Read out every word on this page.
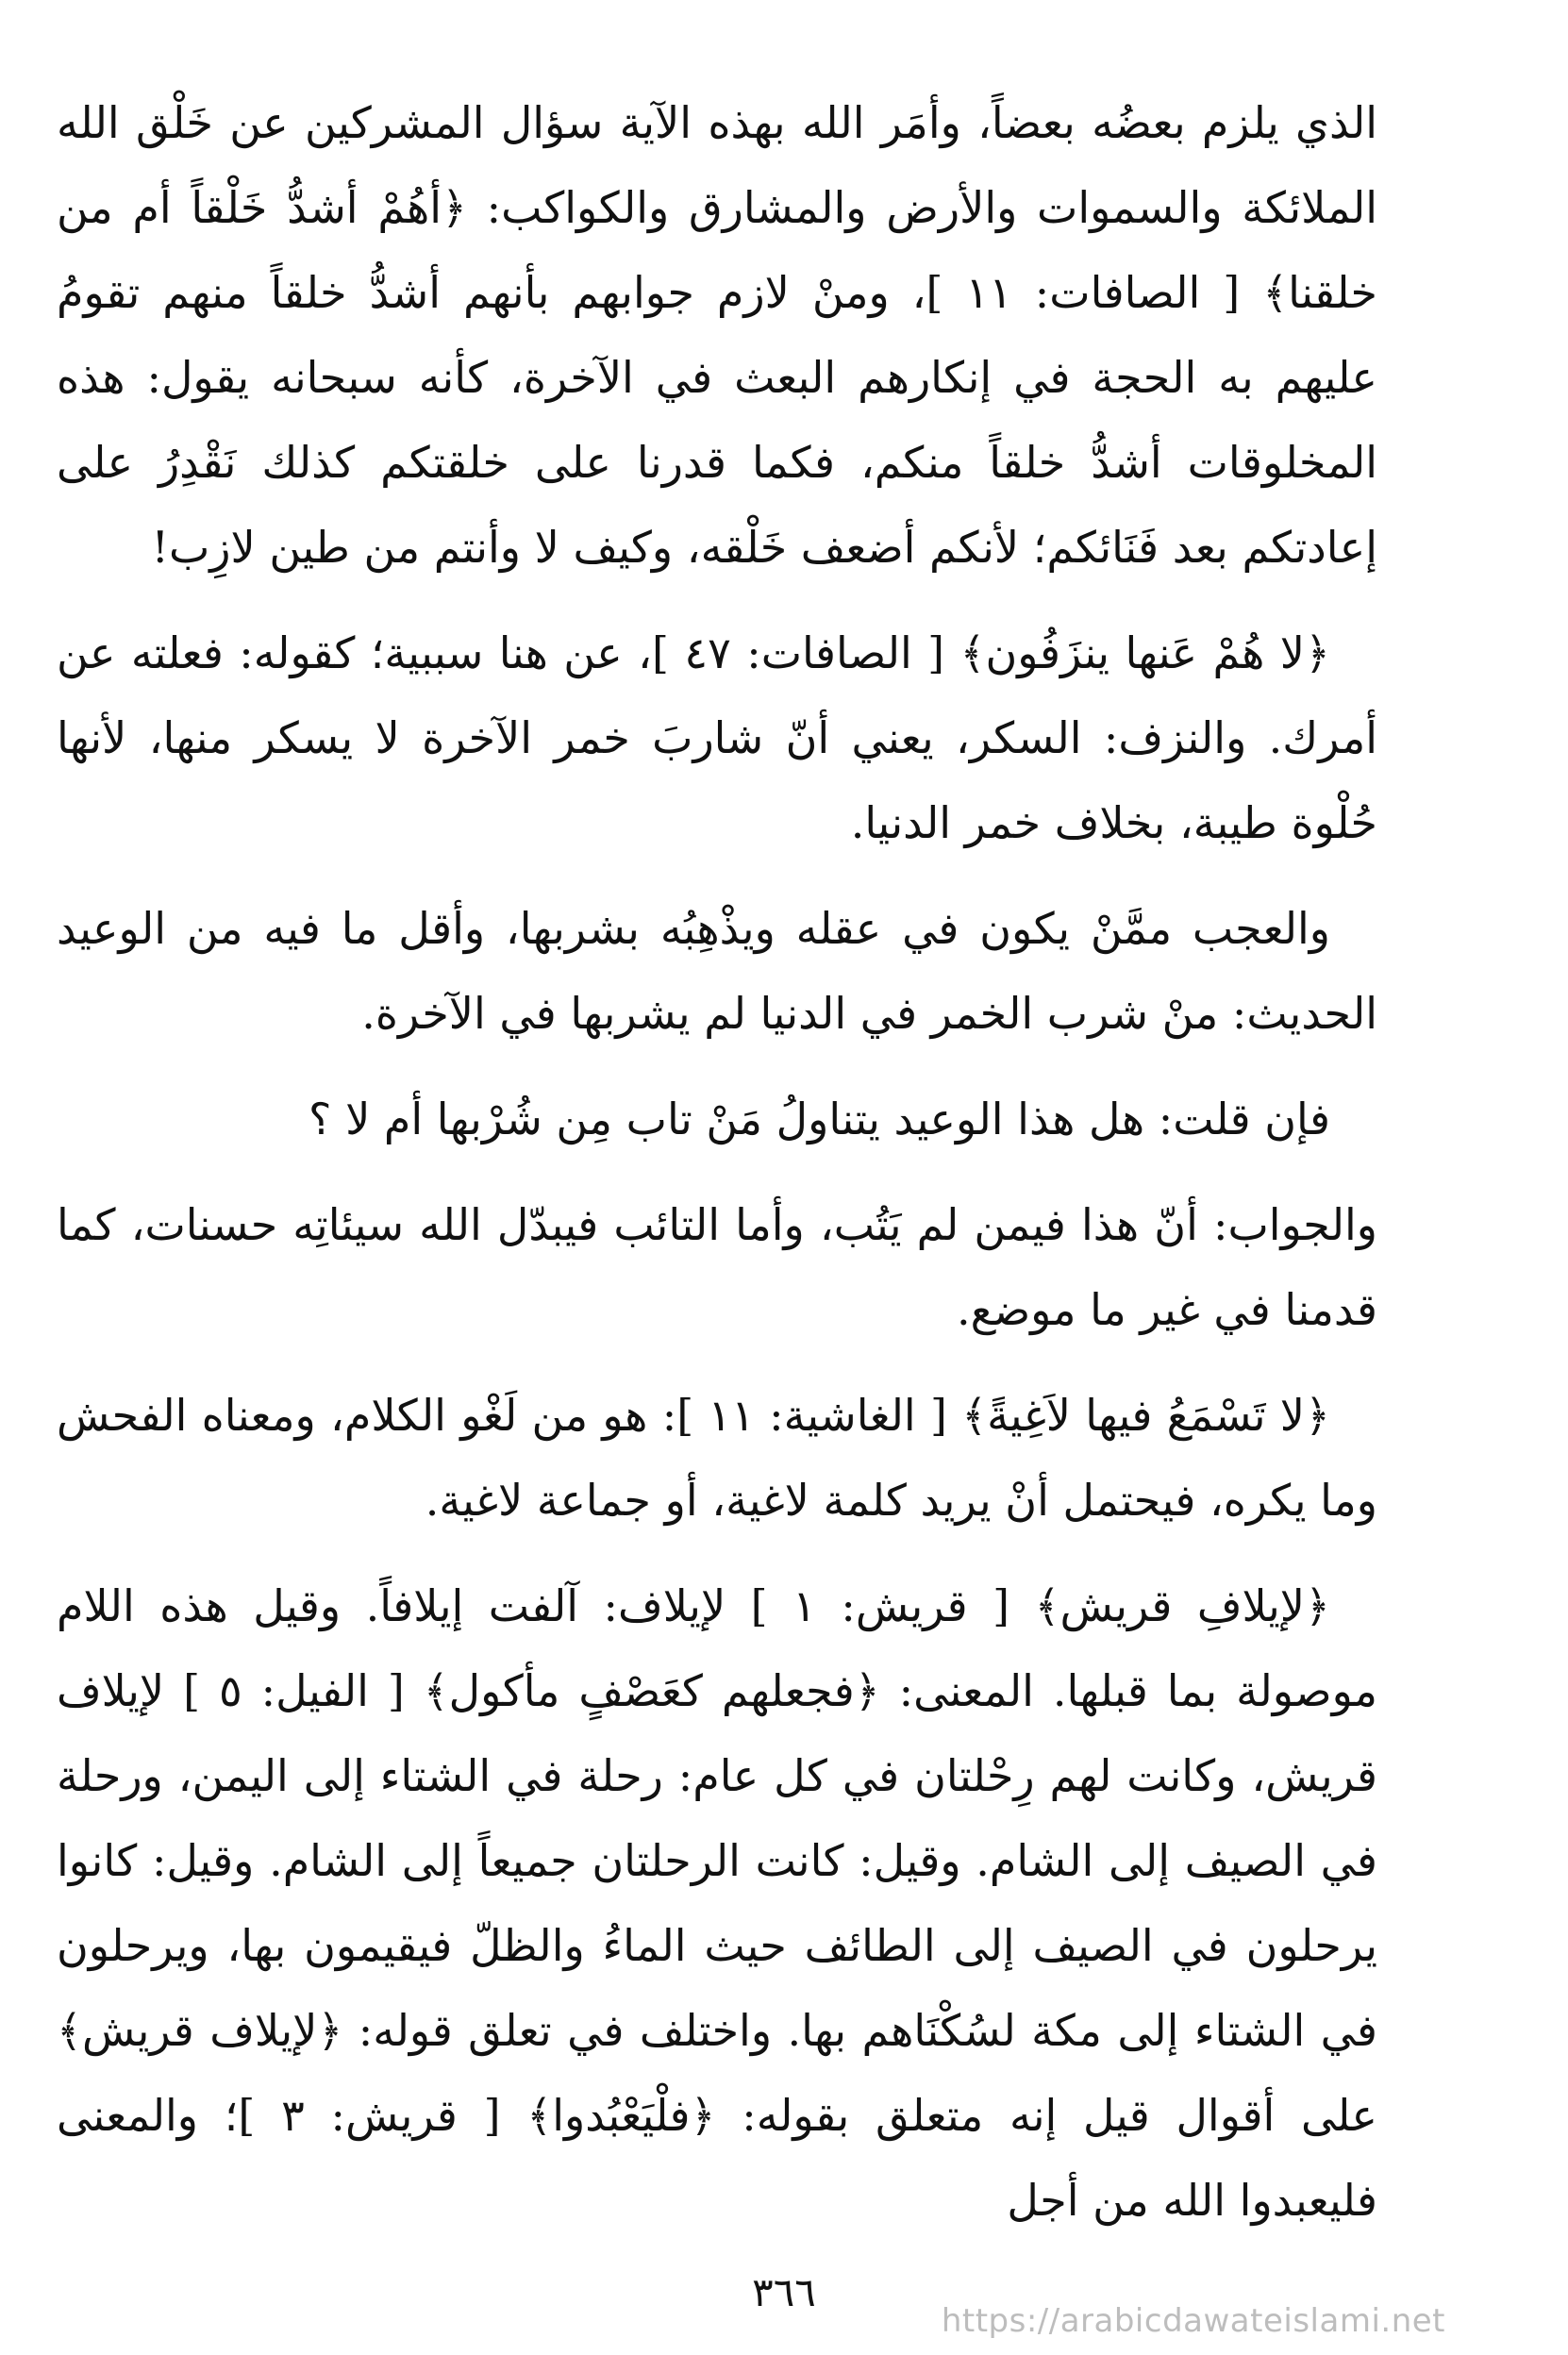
الذي يلزم بعضُه بعضاً، وأمَر الله بهذه الآية سؤال المشركين عن خَلْق الله الملائكة والسموات والأرض والمشارق والكواكب: ﴿أهُمْ أشدُّ خَلْقاً أم من خلقنا﴾ [ الصافات: ١١ ]، ومنْ لازم جوابهم بأنهم أشدُّ خلقاً منهم تقومُ عليهم به الحجة في إنكارهم البعث في الآخرة، كأنه سبحانه يقول: هذه المخلوقات أشدُّ خلقاً منكم، فكما قدرنا على خلقتكم كذلك نَقْدِرُ على إعادتكم بعد فَنَائكم؛ لأنكم أضعف خَلْقه، وكيف لا وأنتم من طين لازِب!

﴿لا هُمْ عَنها ينزَفُون﴾ [ الصافات: ٤٧ ]، عن هنا سببية؛ كقوله: فعلته عن أمرك. والنزف: السكر، يعني أنّ شاربَ خمر الآخرة لا يسكر منها، لأنها حُلْوة طيبة، بخلاف خمر الدنيا.

والعجب ممَّنْ يكون في عقله ويذْهِبُه بشربها، وأقل ما فيه من الوعيد الحديث: منْ شرب الخمر في الدنيا لم يشربها في الآخرة.

فإن قلت: هل هذا الوعيد يتناولُ مَنْ تاب مِن شُرْبها أم لا ؟

والجواب: أنّ هذا فيمن لم يَتُب، وأما التائب فيبدّل الله سيئاتِه حسنات، كما قدمنا في غير ما موضع.

﴿لا تَسْمَعُ فيها لاَغِيةً﴾ [ الغاشية: ١١ ]: هو من لَغْو الكلام، ومعناه الفحش وما يكره، فيحتمل أنْ يريد كلمة لاغية، أو جماعة لاغية.

﴿لإيلافِ قريش﴾ [ قريش: ١ ] لإيلاف: آلفت إيلافاً. وقيل هذه اللام موصولة بما قبلها. المعنى: ﴿فجعلهم كعَصْفٍ مأكول﴾ [ الفيل: ٥ ] لإيلاف قريش، وكانت لهم رِحْلتان في كل عام: رحلة في الشتاء إلى اليمن، ورحلة في الصيف إلى الشام. وقيل: كانت الرحلتان جميعاً إلى الشام. وقيل: كانوا يرحلون في الصيف إلى الطائف حيث الماءُ والظلّ فيقيمون بها، ويرحلون في الشتاء إلى مكة لسُكْنَاهم بها. واختلف في تعلق قوله: ﴿لإيلاف قريش﴾ على أقوال قيل إنه متعلق بقوله: ﴿فلْيَعْبُدوا﴾ [ قريش: ٣ ]؛ والمعنى فليعبدوا الله من أجل

٣٦٦
https://arabicdawateislami.net
